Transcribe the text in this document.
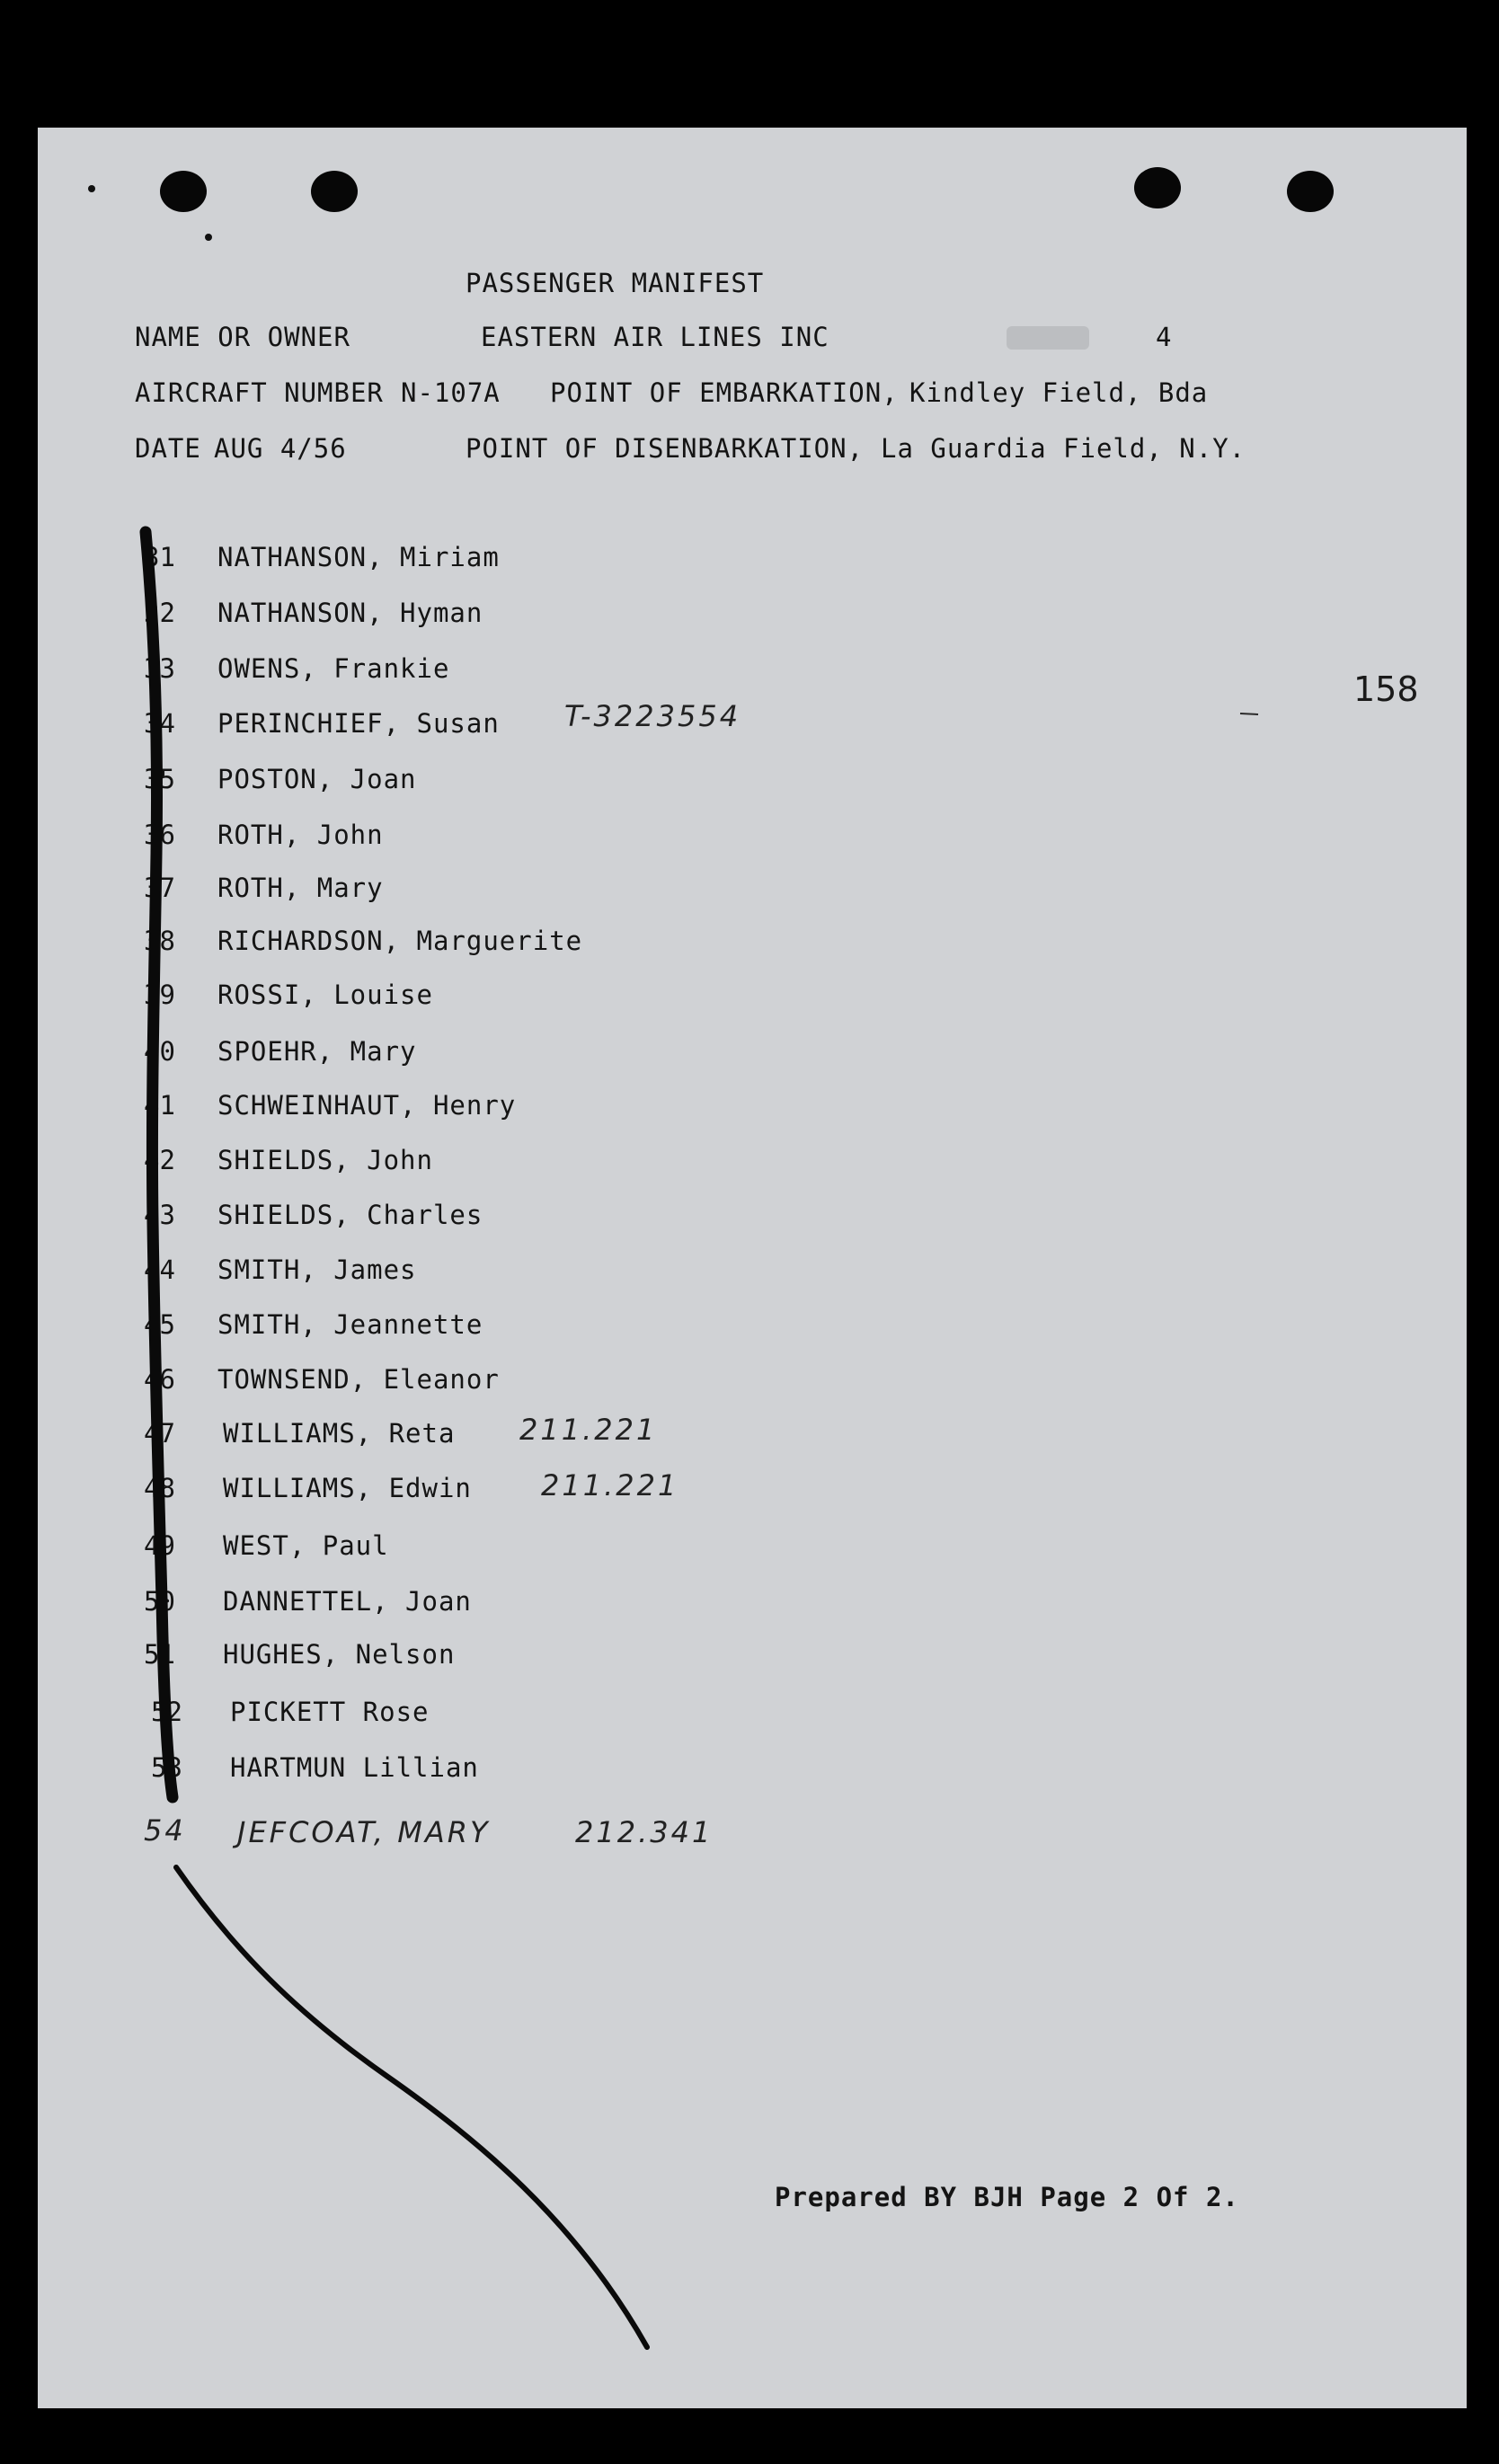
PASSENGER MANIFEST
NAME OR OWNER	EASTERN AIR LINES INC	4
AIRCRAFT NUMBER N-107A POINT OF EMBARKATION, Kindley Field, Bda
DATE AUG 4/56	POINT OF DISENBARKATION, La Guardia Field, N.Y.
158
31 NATHANSON, Miriam
32 NATHANSON, Hyman
33 OWENS, Frankie
34 PERINCHIEF, Susan T-3223554
35 POSTON, Joan
36 ROTH, John
37 ROTH, Mary
38 RICHARDSON, Marguerite
39 ROSSI, Louise
40 SPOEHR, Mary
41 SCHWEINHAUT, Henry
42 SHIELDS, John
43 SHIELDS, Charles
44 SMITH, James
45 SMITH, Jeannette
46 TOWNSEND, Eleanor
47 WILLIAMS, Reta 211.221
48 WILLIAMS, Edwin 211.221
49 WEST, Paul
50 DANNETTEL, Joan
51 HUGHES, Nelson
52 PICKETT Rose
53 HARTMUN Lillian
54 JEFCOAT, MARY	212.341
Prepared BY BJH Page 2 Of 2.
